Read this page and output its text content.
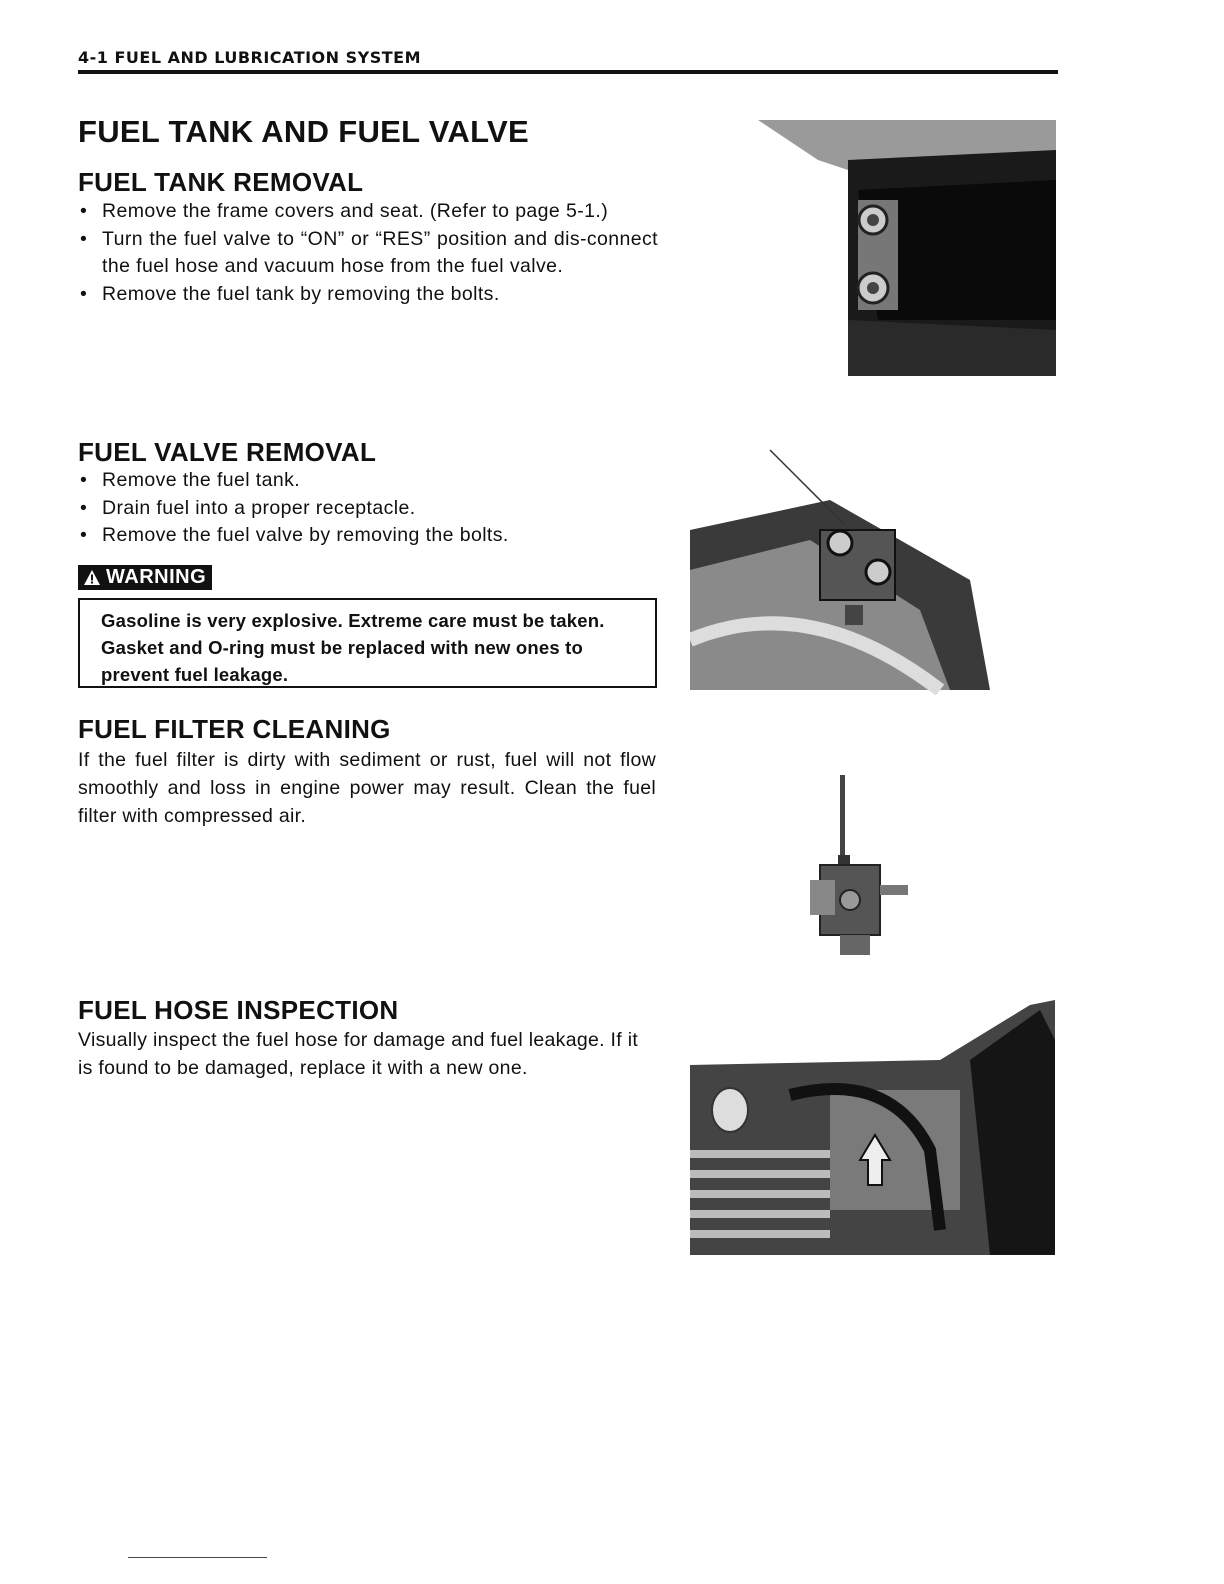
4-1 FUEL AND LUBRICATION SYSTEM
FUEL TANK AND FUEL VALVE
FUEL TANK REMOVAL
• Remove the frame covers and seat. (Refer to page 5-1.)
• Turn the fuel valve to “ON” or “RES” position and dis-connect the fuel hose and vacuum hose from the fuel valve.
• Remove the fuel tank by removing the bolts.
FUEL VALVE REMOVAL
• Remove the fuel tank.
• Drain fuel into a proper receptacle.
• Remove the fuel valve by removing the bolts.
WARNING
Gasoline is very explosive. Extreme care must be taken. Gasket and O-ring must be replaced with new ones to prevent fuel leakage.
FUEL FILTER CLEANING

If the fuel filter is dirty with sediment or rust, fuel will not flow smoothly and loss in engine power may result. Clean the fuel filter with compressed air.

FUEL HOSE INSPECTION

Visually inspect the fuel hose for damage and fuel leakage. If it is found to be damaged, replace it with a new one.
